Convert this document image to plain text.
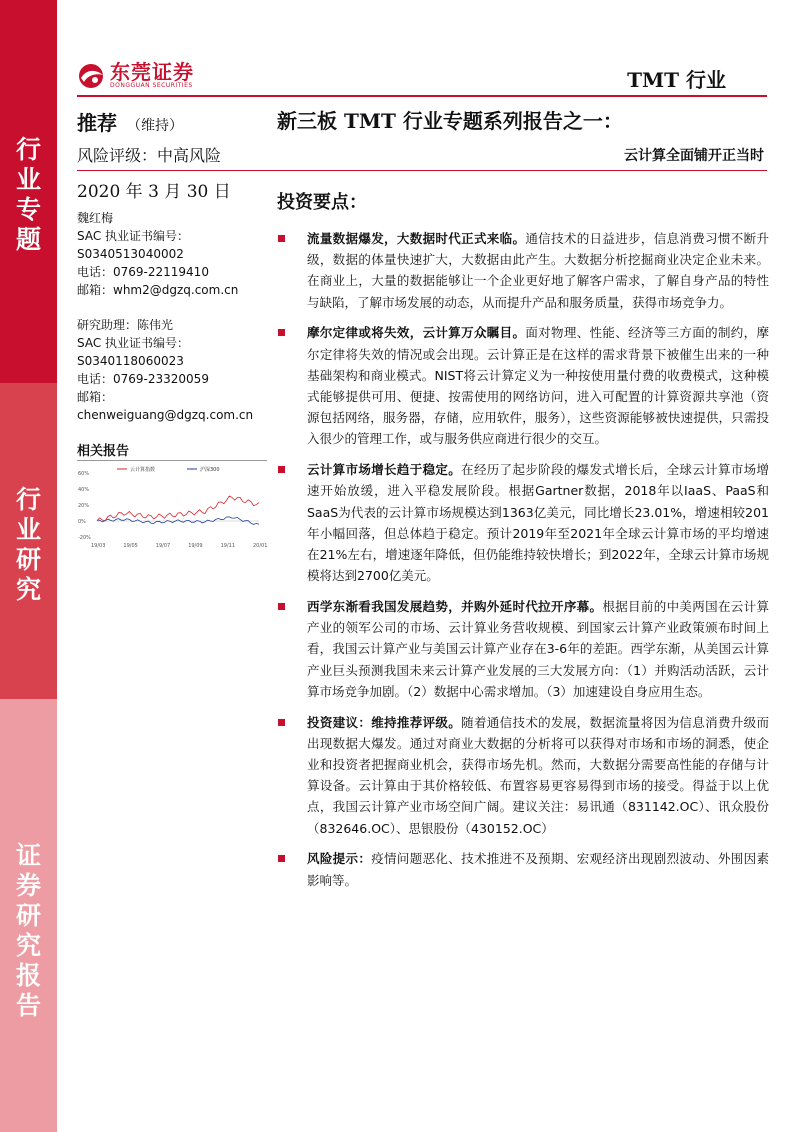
行业专题
行业研究
证券研究报告
东莞证券
DONGGUAN SECURITIES	TMT 行业
推荐 （维持）	新三板 TMT 行业专题系列报告之一：
风险评级：中高风险	云计算全面铺开正当时
2020 年 3 月 30 日
魏红梅
SAC 执业证书编号：
S0340513040002
电话：0769-22119410
邮箱：whm2@dgzq.com.cn
研究助理：陈伟光
SAC 执业证书编号：
S0340118060023
电话：0769-23320059
邮箱：
chenweiguang@dgzq.com.cn
相关报告
60%
40%
20%
0%
-20%
19/03	19/05	19/07	19/09	19/11	20/01
云计算指数	沪深300
投资要点：
流量数据爆发，大数据时代正式来临。通信技术的日益进步，信息消费习惯不断升级，数据的体量快速扩大，大数据由此产生。大数据分析挖掘商业决定企业未来。在商业上，大量的数据能够让一个企业更好地了解客户需求，了解自身产品的特性与缺陷，了解市场发展的动态，从而提升产品和服务质量，获得市场竞争力。
摩尔定律或将失效，云计算万众瞩目。面对物理、性能、经济等三方面的制约，摩尔定律将失效的情况或会出现。云计算正是在这样的需求背景下被催生出来的一种基础架构和商业模式。NIST将云计算定义为一种按使用量付费的收费模式，这种模式能够提供可用、便捷、按需使用的网络访问，进入可配置的计算资源共享池（资源包括网络，服务器，存储，应用软件，服务），这些资源能够被快速提供，只需投入很少的管理工作，或与服务供应商进行很少的交互。
云计算市场增长趋于稳定。在经历了起步阶段的爆发式增长后，全球云计算市场增速开始放缓，进入平稳发展阶段。根据Gartner数据，2018年以IaaS、PaaS和SaaS为代表的云计算市场规模达到1363亿美元，同比增长23.01%，增速相较201年小幅回落，但总体趋于稳定。预计2019年至2021年全球云计算市场的平均增速在21%左右，增速逐年降低，但仍能维持较快增长；到2022年，全球云计算市场规模将达到2700亿美元。
西学东渐看我国发展趋势，并购外延时代拉开序幕。根据目前的中美两国在云计算产业的领军公司的市场、云计算业务营收规模、到国家云计算产业政策颁布时间上看，我国云计算产业与美国云计算产业存在3-6年的差距。西学东渐，从美国云计算产业巨头预测我国未来云计算产业发展的三大发展方向：（1）并购活动活跃，云计算市场竞争加剧。（2）数据中心需求增加。（3）加速建设自身应用生态。
投资建议：维持推荐评级。随着通信技术的发展，数据流量将因为信息消费升级而出现数据大爆发。通过对商业大数据的分析将可以获得对市场和市场的洞悉，使企业和投资者把握商业机会，获得市场先机。然而，大数据分需要高性能的存储与计算设备。云计算由于其价格较低、布置容易更容易得到市场的接受。得益于以上优点，我国云计算产业市场空间广阔。建议关注：易讯通（831142.OC）、讯众股份（832646.OC）、思银股份（430152.OC）
风险提示：疫情问题恶化、技术推进不及预期、宏观经济出现剧烈波动、外围因素影响等。
